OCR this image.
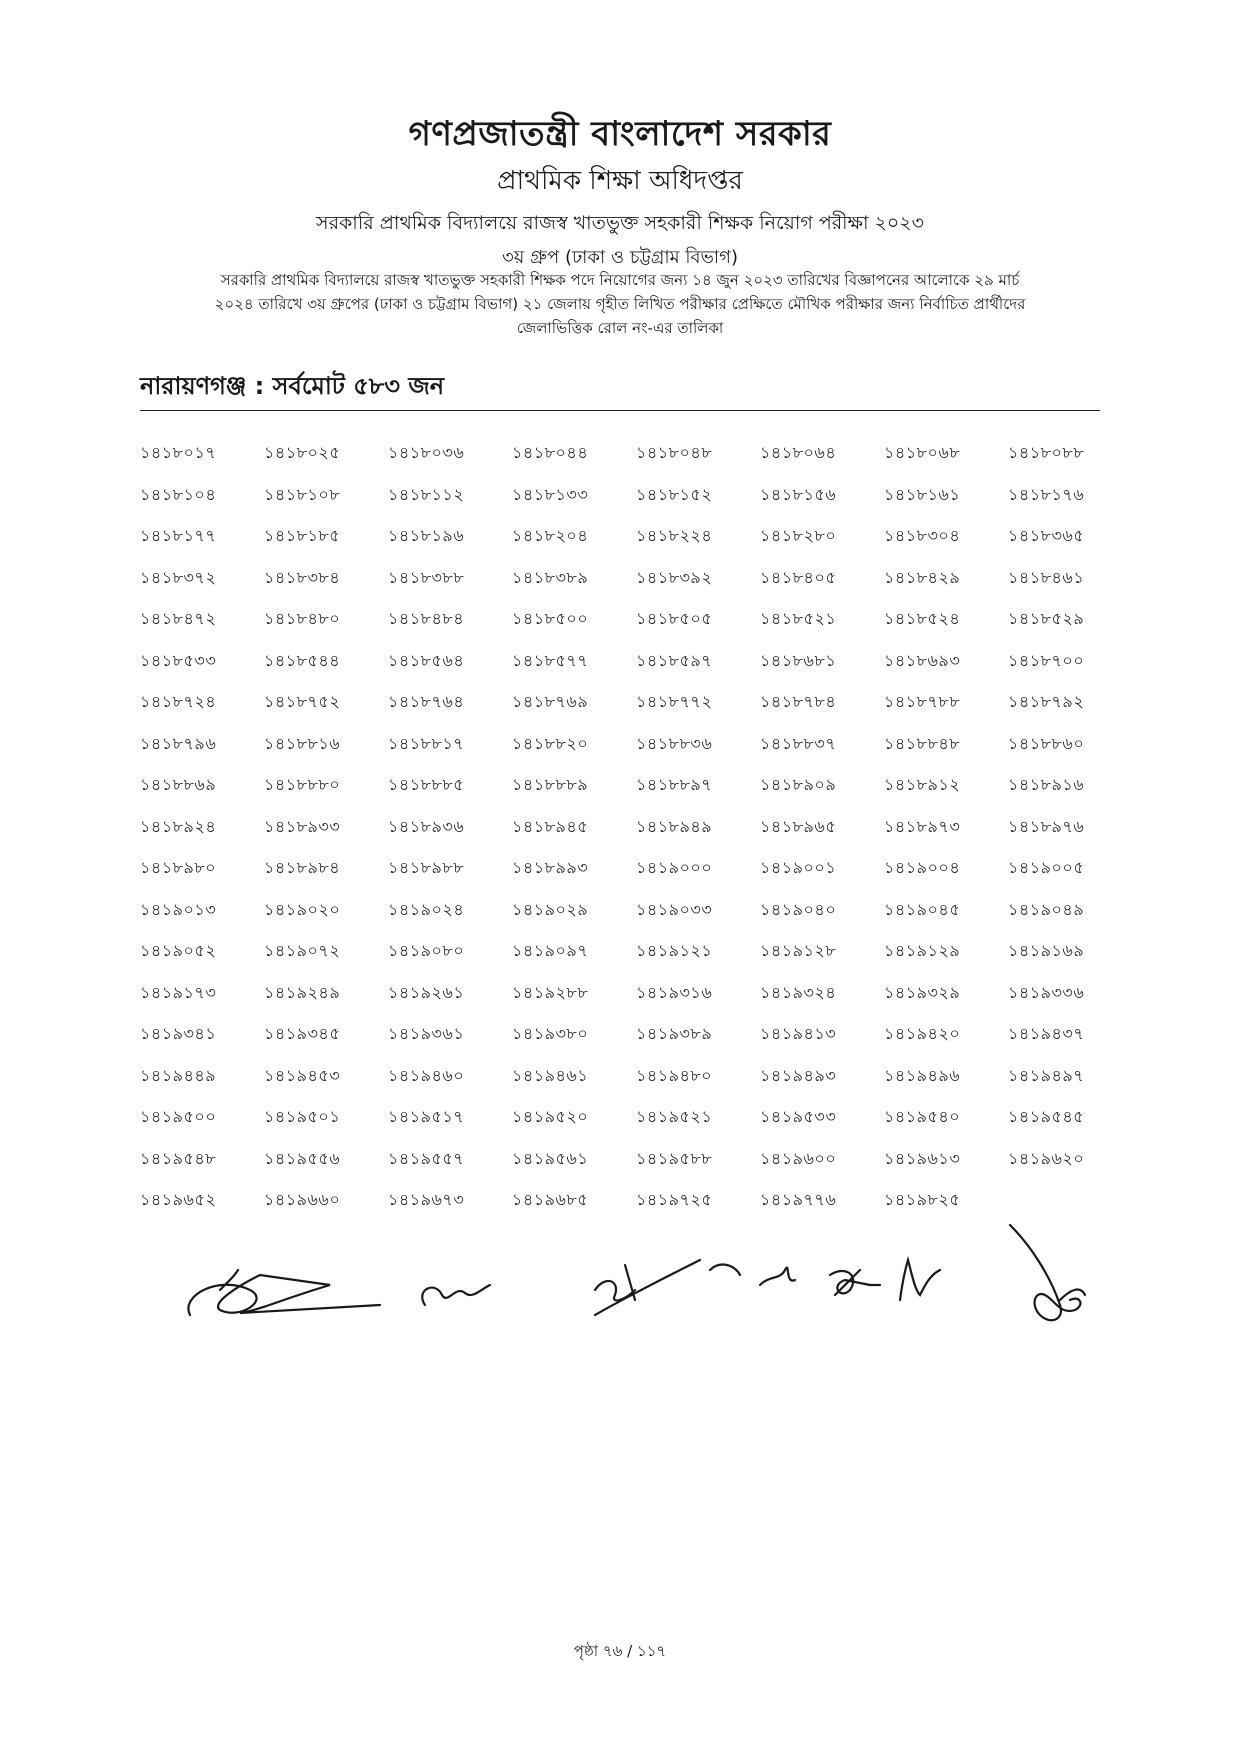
গণপ্রজাতন্ত্রী বাংলাদেশ সরকার
প্রাথমিক শিক্ষা অধিদপ্তর
সরকারি প্রাথমিক বিদ্যালয়ে রাজস্ব খাতভুক্ত সহকারী শিক্ষক নিয়োগ পরীক্ষা ২০২৩
৩য় গ্রুপ (ঢাকা ও চট্টগ্রাম বিভাগ)
সরকারি প্রাথমিক বিদ্যালয়ে রাজস্ব খাতভুক্ত সহকারী শিক্ষক পদে নিয়োগের জন্য ১৪ জুন ২০২৩ তারিখের বিজ্ঞাপনের আলোকে ২৯ মার্চ
২০২৪ তারিখে ৩য় গ্রুপের (ঢাকা ও চট্টগ্রাম বিভাগ) ২১ জেলায় গৃহীত লিখিত পরীক্ষার প্রেক্ষিতে মৌখিক পরীক্ষার জন্য নির্বাচিত প্রার্থীদের
জেলাভিত্তিক রোল নং-এর তালিকা
নারায়ণগঞ্জ : সর্বমোট ৫৮৩ জন
১৪১৮০১৭	১৪১৮০২৫	১৪১৮০৩৬	১৪১৮০৪৪	১৪১৮০৪৮	১৪১৮০৬৪	১৪১৮০৬৮	১৪১৮০৮৮
১৪১৮১০৪	১৪১৮১০৮	১৪১৮১১২	১৪১৮১৩৩	১৪১৮১৫২	১৪১৮১৫৬	১৪১৮১৬১	১৪১৮১৭৬
১৪১৮১৭৭	১৪১৮১৮৫	১৪১৮১৯৬	১৪১৮২০৪	১৪১৮২২৪	১৪১৮২৮০	১৪১৮৩০৪	১৪১৮৩৬৫
১৪১৮৩৭২	১৪১৮৩৮৪	১৪১৮৩৮৮	১৪১৮৩৮৯	১৪১৮৩৯২	১৪১৮৪০৫	১৪১৮৪২৯	১৪১৮৪৬১
১৪১৮৪৭২	১৪১৮৪৮০	১৪১৮৪৮৪	১৪১৮৫০০	১৪১৮৫০৫	১৪১৮৫২১	১৪১৮৫২৪	১৪১৮৫২৯
১৪১৮৫৩৩	১৪১৮৫৪৪	১৪১৮৫৬৪	১৪১৮৫৭৭	১৪১৮৫৯৭	১৪১৮৬৮১	১৪১৮৬৯৩	১৪১৮৭০০
১৪১৮৭২৪	১৪১৮৭৫২	১৪১৮৭৬৪	১৪১৮৭৬৯	১৪১৮৭৭২	১৪১৮৭৮৪	১৪১৮৭৮৮	১৪১৮৭৯২
১৪১৮৭৯৬	১৪১৮৮১৬	১৪১৮৮১৭	১৪১৮৮২০	১৪১৮৮৩৬	১৪১৮৮৩৭	১৪১৮৮৪৮	১৪১৮৮৬০
১৪১৮৮৬৯	১৪১৮৮৮০	১৪১৮৮৮৫	১৪১৮৮৮৯	১৪১৮৮৯৭	১৪১৮৯০৯	১৪১৮৯১২	১৪১৮৯১৬
১৪১৮৯২৪	১৪১৮৯৩৩	১৪১৮৯৩৬	১৪১৮৯৪৫	১৪১৮৯৪৯	১৪১৮৯৬৫	১৪১৮৯৭৩	১৪১৮৯৭৬
১৪১৮৯৮০	১৪১৮৯৮৪	১৪১৮৯৮৮	১৪১৮৯৯৩	১৪১৯০০০	১৪১৯০০১	১৪১৯০০৪	১৪১৯০০৫
১৪১৯০১৩	১৪১৯০২০	১৪১৯০২৪	১৪১৯০২৯	১৪১৯০৩৩	১৪১৯০৪০	১৪১৯০৪৫	১৪১৯০৪৯
১৪১৯০৫২	১৪১৯০৭২	১৪১৯০৮০	১৪১৯০৯৭	১৪১৯১২১	১৪১৯১২৮	১৪১৯১২৯	১৪১৯১৬৯
১৪১৯১৭৩	১৪১৯২৪৯	১৪১৯২৬১	১৪১৯২৮৮	১৪১৯৩১৬	১৪১৯৩২৪	১৪১৯৩২৯	১৪১৯৩৩৬
১৪১৯৩৪১	১৪১৯৩৪৫	১৪১৯৩৬১	১৪১৯৩৮০	১৪১৯৩৮৯	১৪১৯৪১৩	১৪১৯৪২০	১৪১৯৪৩৭
১৪১৯৪৪৯	১৪১৯৪৫৩	১৪১৯৪৬০	১৪১৯৪৬১	১৪১৯৪৮০	১৪১৯৪৯৩	১৪১৯৪৯৬	১৪১৯৪৯৭
১৪১৯৫০০	১৪১৯৫০১	১৪১৯৫১৭	১৪১৯৫২০	১৪১৯৫২১	১৪১৯৫৩৩	১৪১৯৫৪০	১৪১৯৫৪৫
১৪১৯৫৪৮	১৪১৯৫৫৬	১৪১৯৫৫৭	১৪১৯৫৬১	১৪১৯৫৮৮	১৪১৯৬০০	১৪১৯৬১৩	১৪১৯৬২০
১৪১৯৬৫২	১৪১৯৬৬০	১৪১৯৬৭৩	১৪১৯৬৮৫	১৪১৯৭২৫	১৪১৯৭৭৬	১৪১৯৮২৫
পৃষ্ঠা ৭৬ / ১১৭
